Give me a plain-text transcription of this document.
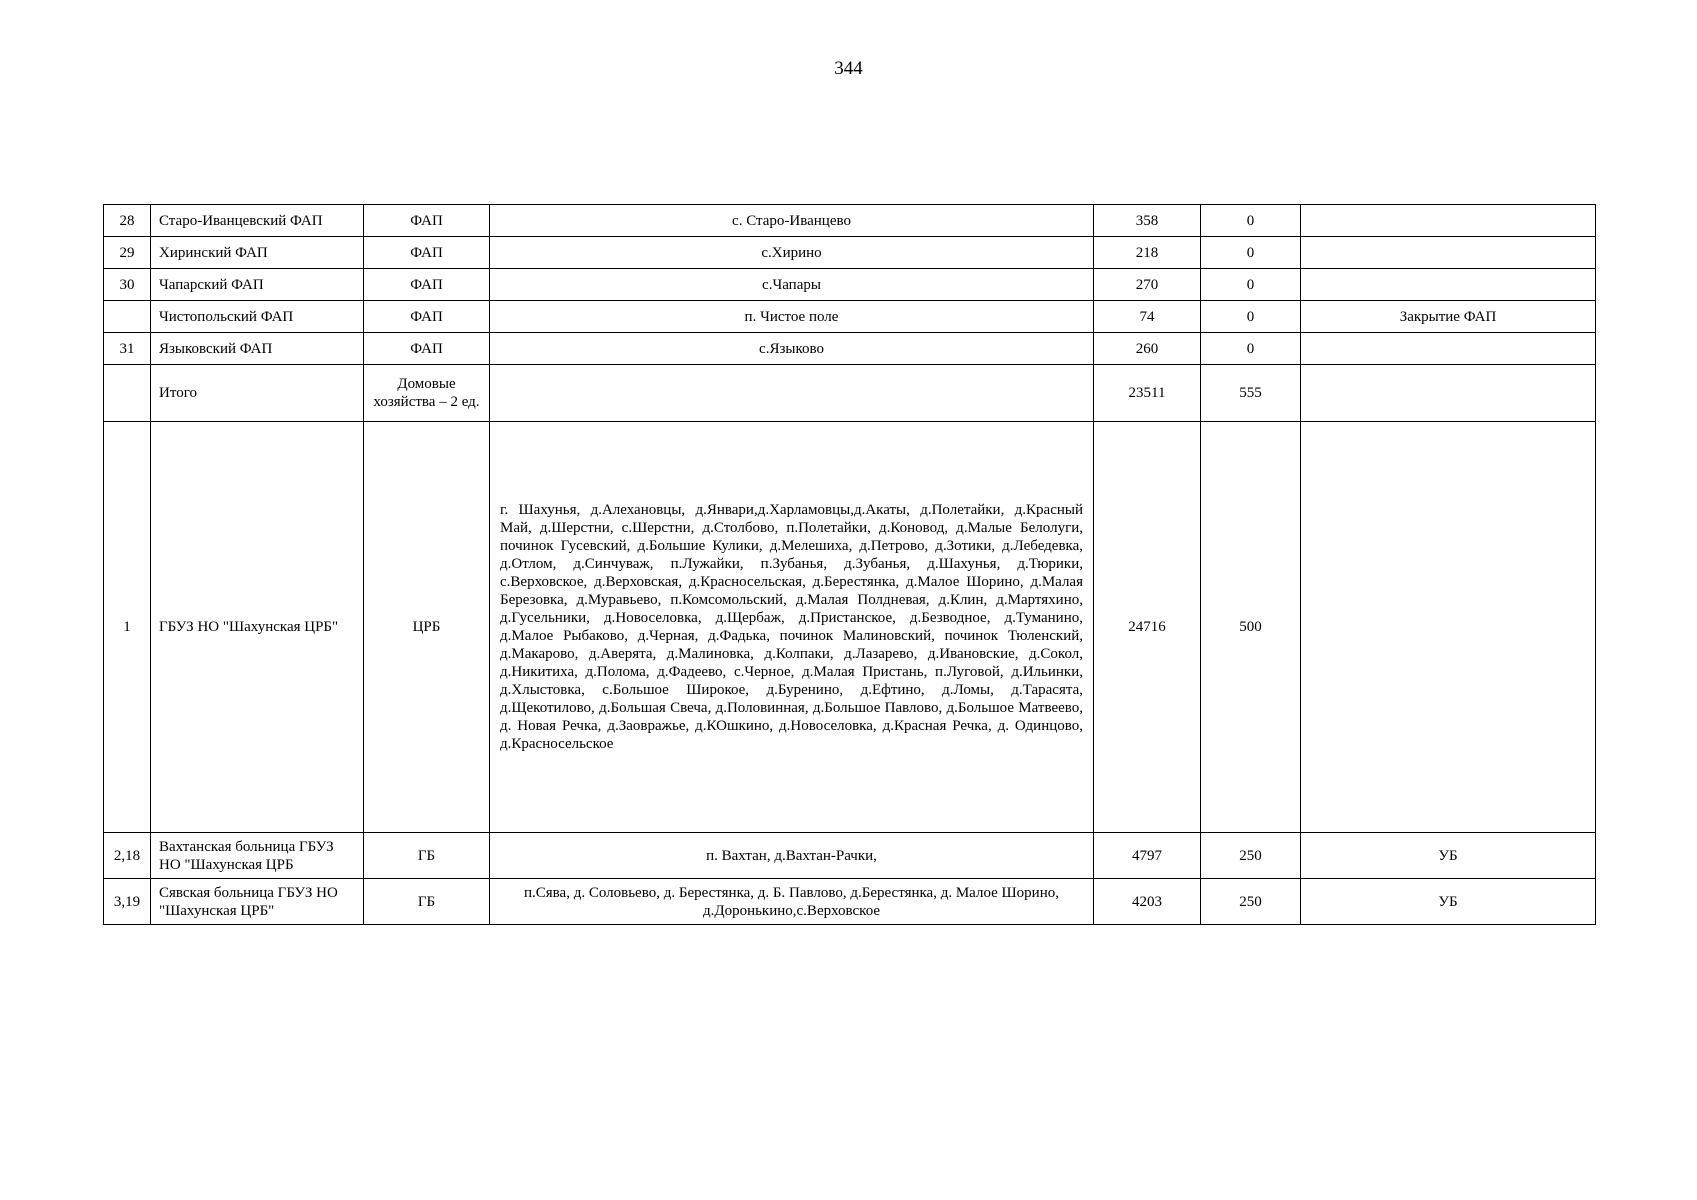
344
28	Старо-Иванцевский ФАП	ФАП	с. Старо-Иванцево	358	0	
29	Хиринский ФАП	ФАП	с.Хирино	218	0	
30	Чапарский ФАП	ФАП	с.Чапары	270	0	
	Чистопольский ФАП	ФАП	п. Чистое поле	74	0	Закрытие ФАП
31	Языковский ФАП	ФАП	с.Языково	260	0	
	Итого	Домовые хозяйства – 2 ед.		23511	555	
1	ГБУЗ НО "Шахунская ЦРБ"	ЦРБ	г. Шахунья, д.Алехановцы, д.Январи,д.Харламовцы,д.Акаты, д.Полетайки, д.Красный Май, д.Шерстни, с.Шерстни, д.Столбово, п.Полетайки, д.Коновод, д.Малые Белолуги, починок Гусевский, д.Большие Кулики, д.Мелешиха, д.Петрово, д.Зотики, д.Лебедевка, д.Отлом, д.Синчуваж, п.Лужайки, п.Зубанья, д.Зубанья, д.Шахунья, д.Тюрики, с.Верховское, д.Верховская, д.Красносельская, д.Берестянка, д.Малое Шорино, д.Малая Березовка, д.Муравьево, п.Комсомольский, д.Малая Полдневая, д.Клин, д.Мартяхино, д.Гусельники, д.Новоселовка, д.Щербаж, д.Пристанское, д.Безводное, д.Туманино, д.Малое Рыбаково, д.Черная, д.Фадька, починок Малиновский, починок Тюленский, д.Макарово, д.Аверята, д.Малиновка, д.Колпаки, д.Лазарево, д.Ивановские, д.Сокол, д.Никитиха, д.Полома, д.Фадеево, с.Черное, д.Малая Пристань, п.Луговой, д.Ильинки, д.Хлыстовка, с.Большое Широкое, д.Буренино, д.Ефтино, д.Ломы, д.Тарасята, д.Щекотилово, д.Большая Свеча, д.Половинная, д.Большое Павлово, д.Большое Матвеево, д. Новая Речка, д.Заовражье, д.КОшкино, д.Новоселовка, д.Красная Речка, д. Одинцово, д.Красносельское	24716	500	
2,18	Вахтанская больница ГБУЗ НО "Шахунская ЦРБ	ГБ	п. Вахтан, д.Вахтан-Рачки,	4797	250	УБ
3,19	Сявская больница ГБУЗ НО "Шахунская ЦРБ"	ГБ	п.Сява, д. Соловьево, д. Берестянка, д. Б. Павлово, д.Берестянка, д. Малое Шорино, д.Доронькино,с.Верховское	4203	250	УБ
